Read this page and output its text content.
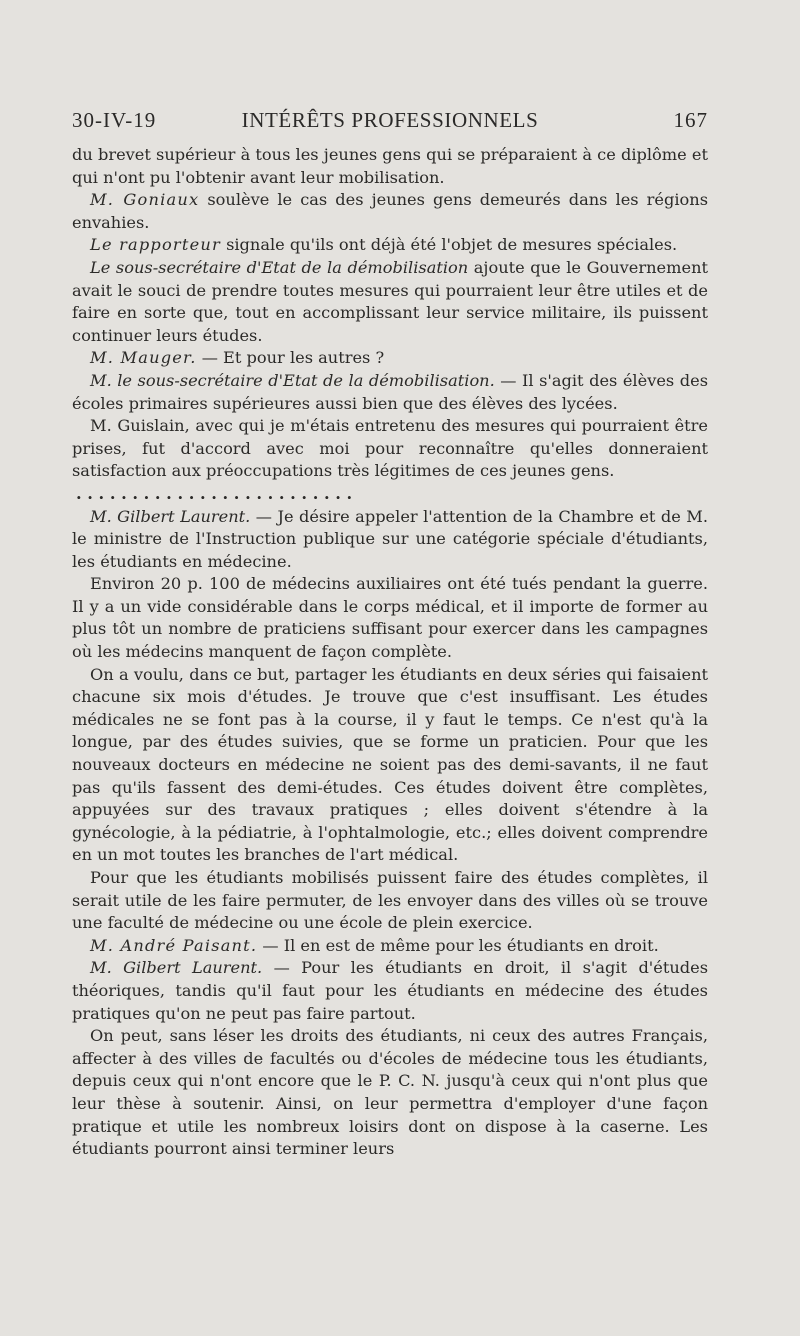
30-IV-19	INTÉRÊTS PROFESSIONNELS	167

du brevet supérieur à tous les jeunes gens qui se préparaient à ce diplôme et qui n'ont pu l'obtenir avant leur mobilisation.

M. Goniaux soulève le cas des jeunes gens demeurés dans les régions envahies.

Le rapporteur signale qu'ils ont déjà été l'objet de mesures spéciales.

Le sous-secrétaire d'Etat de la démobilisation ajoute que le Gouvernement avait le souci de prendre toutes mesures qui pourraient leur être utiles et de faire en sorte que, tout en accomplissant leur service militaire, ils puissent continuer leurs études.

M. Mauger. — Et pour les autres ?

M. le sous-secrétaire d'Etat de la démobilisation. — Il s'agit des élèves des écoles primaires supérieures aussi bien que des élèves des lycées.

M. Guislain, avec qui je m'étais entretenu des mesures qui pourraient être prises, fut d'accord avec moi pour reconnaître qu'elles donneraient satisfaction aux préoccupations très légitimes de ces jeunes gens.

. . . . . . . . . . . . . . . . . . . . . . . . .

M. Gilbert Laurent. — Je désire appeler l'attention de la Chambre et de M. le ministre de l'Instruction publique sur une catégorie spéciale d'étudiants, les étudiants en médecine.

Environ 20 p. 100 de médecins auxiliaires ont été tués pendant la guerre. Il y a un vide considérable dans le corps médical, et il importe de former au plus tôt un nombre de praticiens suffisant pour exercer dans les campagnes où les médecins manquent de façon complète.

On a voulu, dans ce but, partager les étudiants en deux séries qui faisaient chacune six mois d'études. Je trouve que c'est insuffisant. Les études médicales ne se font pas à la course, il y faut le temps. Ce n'est qu'à la longue, par des études suivies, que se forme un praticien. Pour que les nouveaux docteurs en médecine ne soient pas des demi-savants, il ne faut pas qu'ils fassent des demi-études. Ces études doivent être complètes, appuyées sur des travaux pratiques ; elles doivent s'étendre à la gynécologie, à la pédiatrie, à l'ophtalmologie, etc.; elles doivent comprendre en un mot toutes les branches de l'art médical.

Pour que les étudiants mobilisés puissent faire des études complètes, il serait utile de les faire permuter, de les envoyer dans des villes où se trouve une faculté de médecine ou une école de plein exercice.

M. André Paisant. — Il en est de même pour les étudiants en droit.

M. Gilbert Laurent. — Pour les étudiants en droit, il s'agit d'études théoriques, tandis qu'il faut pour les étudiants en médecine des études pratiques qu'on ne peut pas faire partout.

On peut, sans léser les droits des étudiants, ni ceux des autres Français, affecter à des villes de facultés ou d'écoles de médecine tous les étudiants, depuis ceux qui n'ont encore que le P. C. N. jusqu'à ceux qui n'ont plus que leur thèse à soutenir. Ainsi, on leur permettra d'employer d'une façon pratique et utile les nombreux loisirs dont on dispose à la caserne. Les étudiants pourront ainsi terminer leurs
